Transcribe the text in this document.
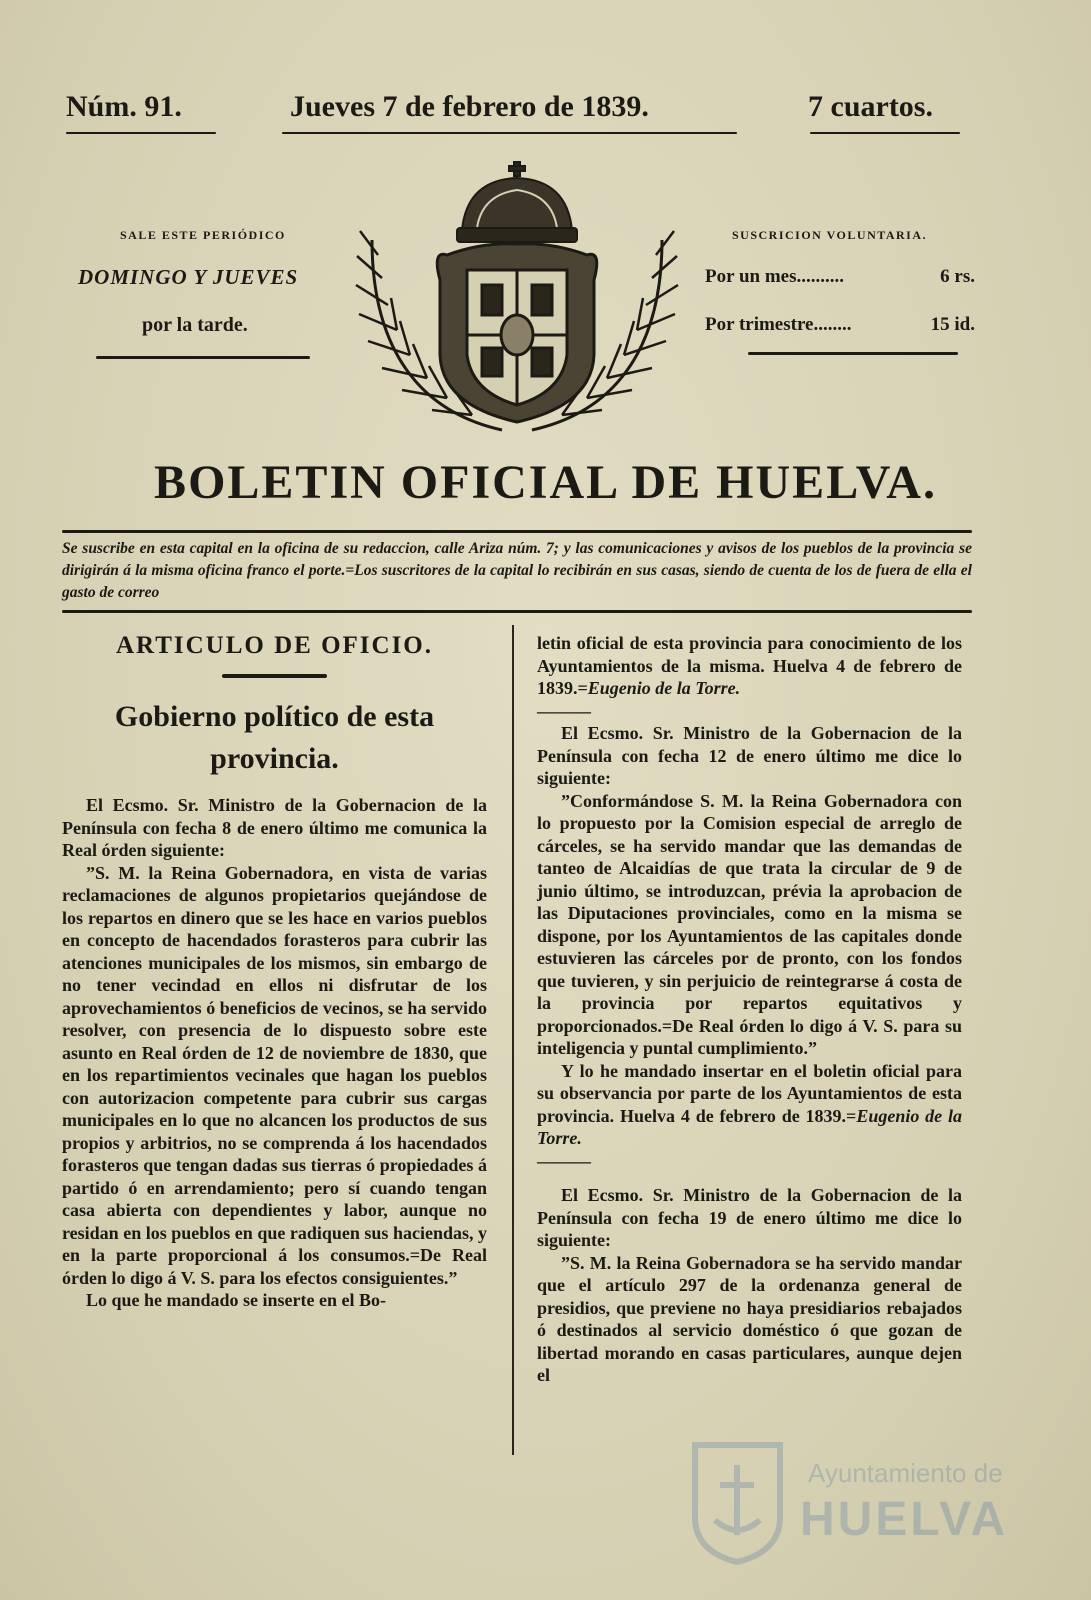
Núm. 91.	Jueves 7 de febrero de 1839.	7 cuartos.
SALE ESTE PERIÓDICO
DOMINGO Y JUEVES
por la tarde.
SUSCRICION VOLUNTARIA.
Por un mes..........	6 rs.
Por trimestre........	15 id.
BOLETIN OFICIAL DE HUELVA.
Se suscribe en esta capital en la oficina de su redaccion, calle Ariza núm. 7; y las comunicaciones y avisos de los pueblos de la provincia se dirigirán á la misma oficina franco el porte.=Los suscritores de la capital lo recibirán en sus casas, siendo de cuenta de los de fuera de ella el gasto de correo
ARTICULO DE OFICIO.
Gobierno político de esta provincia.

El Ecsmo. Sr. Ministro de la Gobernacion de la Península con fecha 8 de enero último me comunica la Real órden siguiente:

”S. M. la Reina Gobernadora, en vista de varias reclamaciones de algunos propietarios quejándose de los repartos en dinero que se les hace en varios pueblos en concepto de hacendados forasteros para cubrir las atenciones municipales de los mismos, sin embargo de no tener vecindad en ellos ni disfrutar de los aprovechamientos ó beneficios de vecinos, se ha servido resolver, con presencia de lo dispuesto sobre este asunto en Real órden de 12 de noviembre de 1830, que en los repartimientos vecinales que hagan los pueblos con autorizacion competente para cubrir sus cargas municipales en lo que no alcancen los productos de sus propios y arbitrios, no se comprenda á los hacendados forasteros que tengan dadas sus tierras ó propiedades á partido ó en arrendamiento; pero sí cuando tengan casa abierta con dependientes y labor, aunque no residan en los pueblos en que radiquen sus haciendas, y en la parte proporcional á los consumos.=De Real órden lo digo á V. S. para los efectos consiguientes.”

Lo que he mandado se inserte en el Bo-

letin oficial de esta provincia para conocimiento de los Ayuntamientos de la misma. Huelva 4 de febrero de 1839.=Eugenio de la Torre.

———

El Ecsmo. Sr. Ministro de la Gobernacion de la Península con fecha 12 de enero último me dice lo siguiente:

”Conformándose S. M. la Reina Gobernadora con lo propuesto por la Comision especial de arreglo de cárceles, se ha servido mandar que las demandas de tanteo de Alcaidías de que trata la circular de 9 de junio último, se introduzcan, prévia la aprobacion de las Diputaciones provinciales, como en la misma se dispone, por los Ayuntamientos de las capitales donde estuvieren las cárceles por de pronto, con los fondos que tuvieren, y sin perjuicio de reintegrarse á costa de la provincia por repartos equitativos y proporcionados.=De Real órden lo digo á V. S. para su inteligencia y puntal cumplimiento.”

Y lo he mandado insertar en el boletin oficial para su observancia por parte de los Ayuntamientos de esta provincia. Huelva 4 de febrero de 1839.=Eugenio de la Torre.

———

El Ecsmo. Sr. Ministro de la Gobernacion de la Península con fecha 19 de enero último me dice lo siguiente:

”S. M. la Reina Gobernadora se ha servido mandar que el artículo 297 de la ordenanza general de presidios, que previene no haya presidiarios rebajados ó destinados al servicio doméstico ó que gozan de libertad morando en casas particulares, aunque dejen el

Ayuntamiento de
HUELVA
